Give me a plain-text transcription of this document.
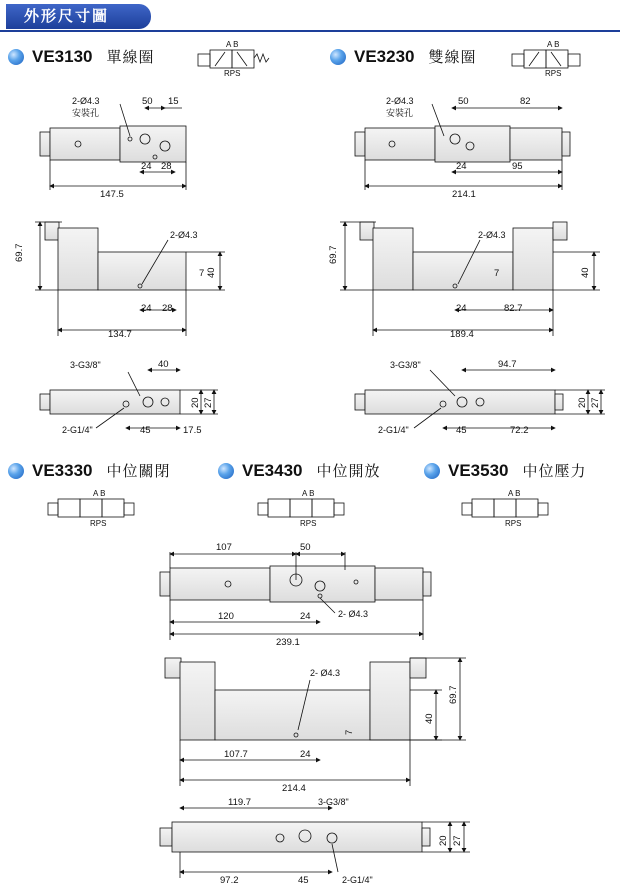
外形尺寸圖
VE3130 單線圈	VE3230 雙線圈
VE3330 中位關閉	VE3430 中位開放	VE3530 中位壓力
A B
RPS
A B
RPS
A B
RPS
A B
RPS
A B
RPS
2-Ø4.3
安裝孔
50 15
24 28
147.5
2-Ø4.3
69.7
7 40
24 28
134.7
3-G3/8"
2-G1/4"
40
20 27
45	17.5
2-Ø4.3
安裝孔
50	82
24	95
214.1
2-Ø4.3
69.7
7	40
24	82.7
189.4
3-G3/8"
2-G1/4"
94.7
20 27
45	72.2
107	50
120	24	2- Ø4.3
239.1
2- Ø4.3
69.7
40
7
107.7	24
214.4
119.7	3-G3/8"
20 27
97.2	45	2-G1/4"
